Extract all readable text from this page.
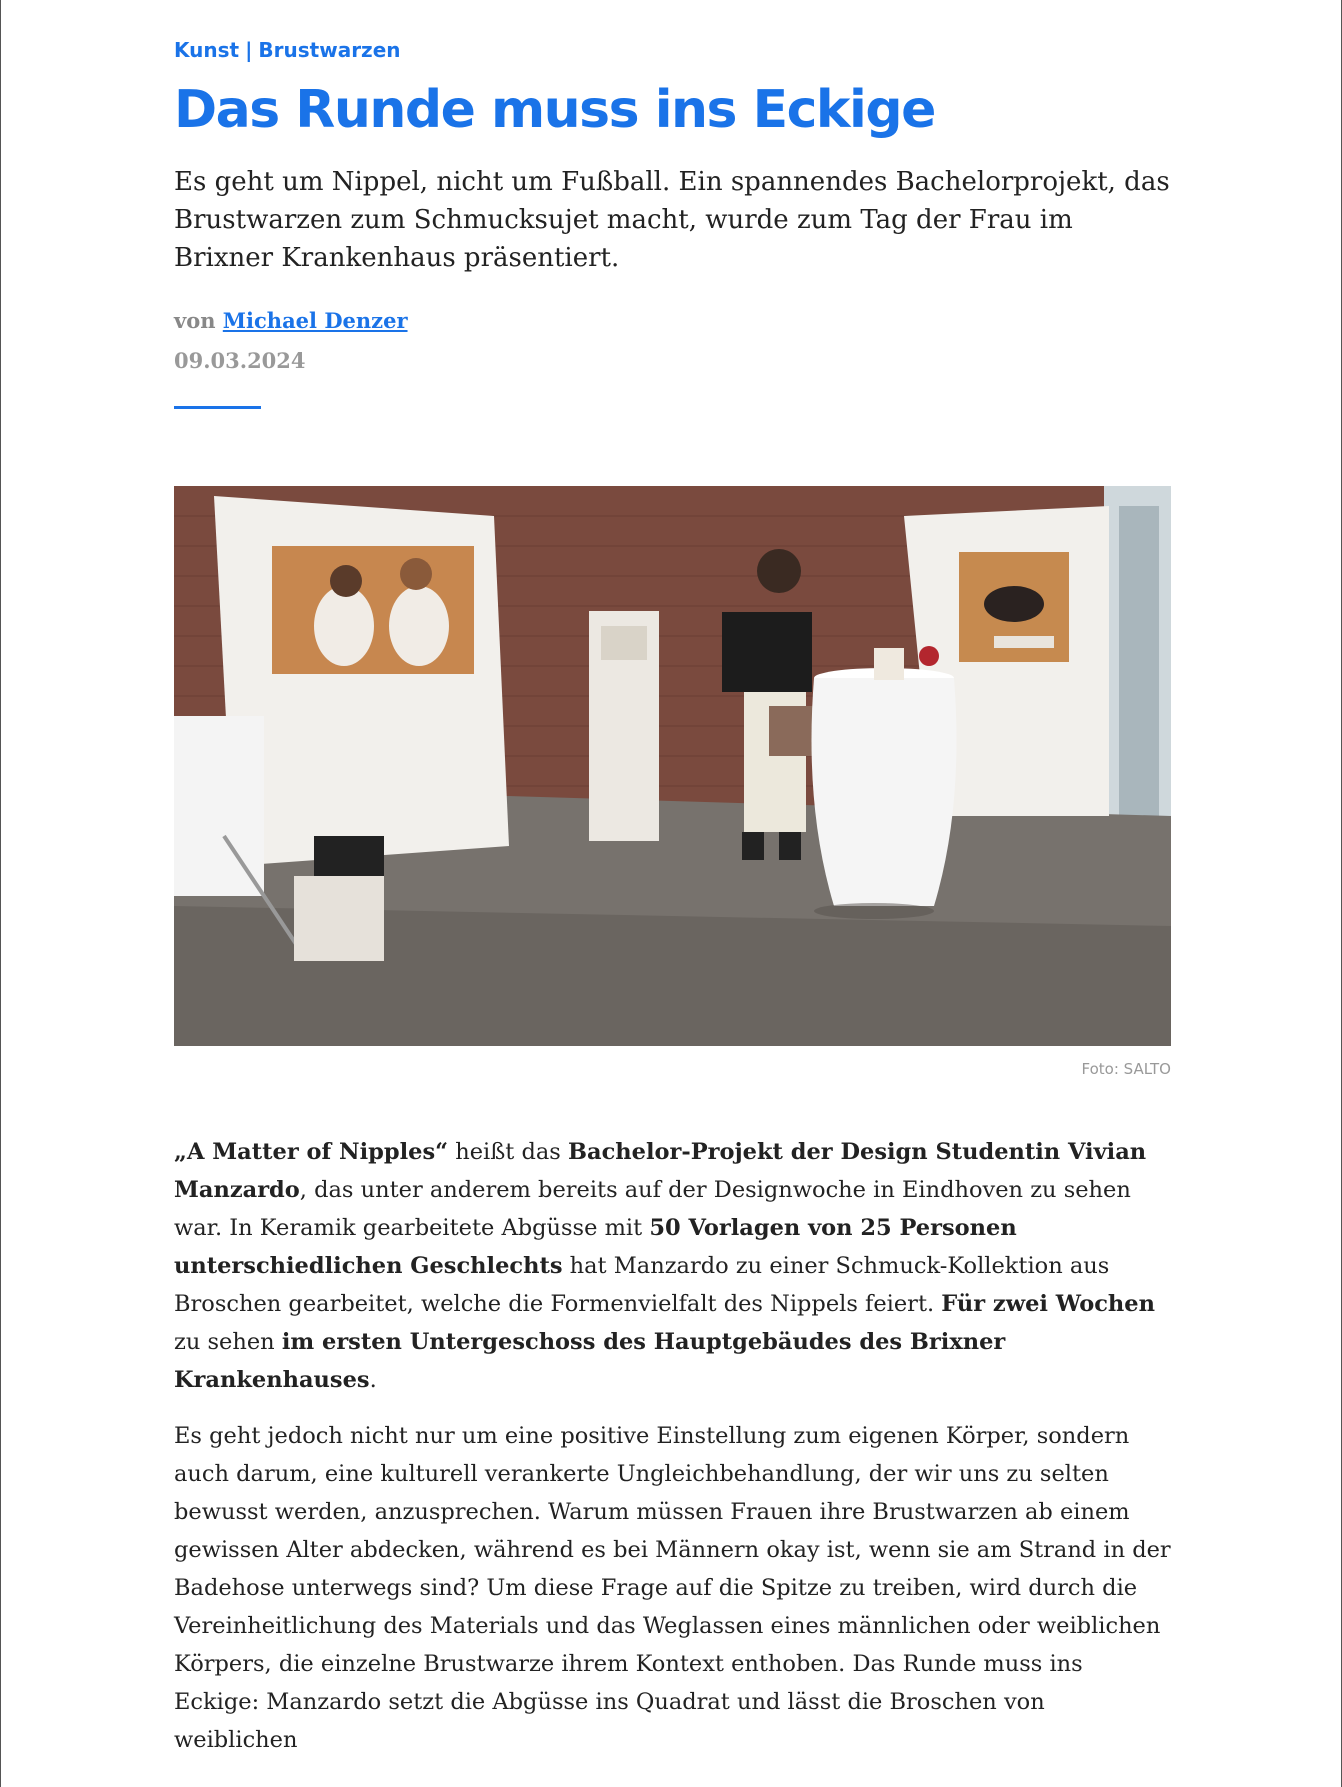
Kunst | Brustwarzen
Das Runde muss ins Eckige

Es geht um Nippel, nicht um Fußball. Ein spannendes Bachelorprojekt, das Brustwarzen zum Schmucksujet macht, wurde zum Tag der Frau im Brixner Krankenhaus präsentiert.

von Michael Denzer
09.03.2024
Foto: SALTO

„A Matter of Nipples“ heißt das Bachelor-Projekt der Design Studentin Vivian Manzardo, das unter anderem bereits auf der Designwoche in Eindhoven zu sehen war. In Keramik gearbeitete Abgüsse mit 50 Vorlagen von 25 Personen unterschiedlichen Geschlechts hat Manzardo zu einer Schmuck-Kollektion aus Broschen gearbeitet, welche die Formenvielfalt des Nippels feiert. Für zwei Wochen zu sehen im ersten Untergeschoss des Hauptgebäudes des Brixner Krankenhauses.

Es geht jedoch nicht nur um eine positive Einstellung zum eigenen Körper, sondern auch darum, eine kulturell verankerte Ungleichbehandlung, der wir uns zu selten bewusst werden, anzusprechen. Warum müssen Frauen ihre Brustwarzen ab einem gewissen Alter abdecken, während es bei Männern okay ist, wenn sie am Strand in der Badehose unterwegs sind? Um diese Frage auf die Spitze zu treiben, wird durch die Vereinheitlichung des Materials und das Weglassen eines männlichen oder weiblichen Körpers, die einzelne Brustwarze ihrem Kontext enthoben. Das Runde muss ins Eckige: Manzardo setzt die Abgüsse ins Quadrat und lässt die Broschen von weiblichen
